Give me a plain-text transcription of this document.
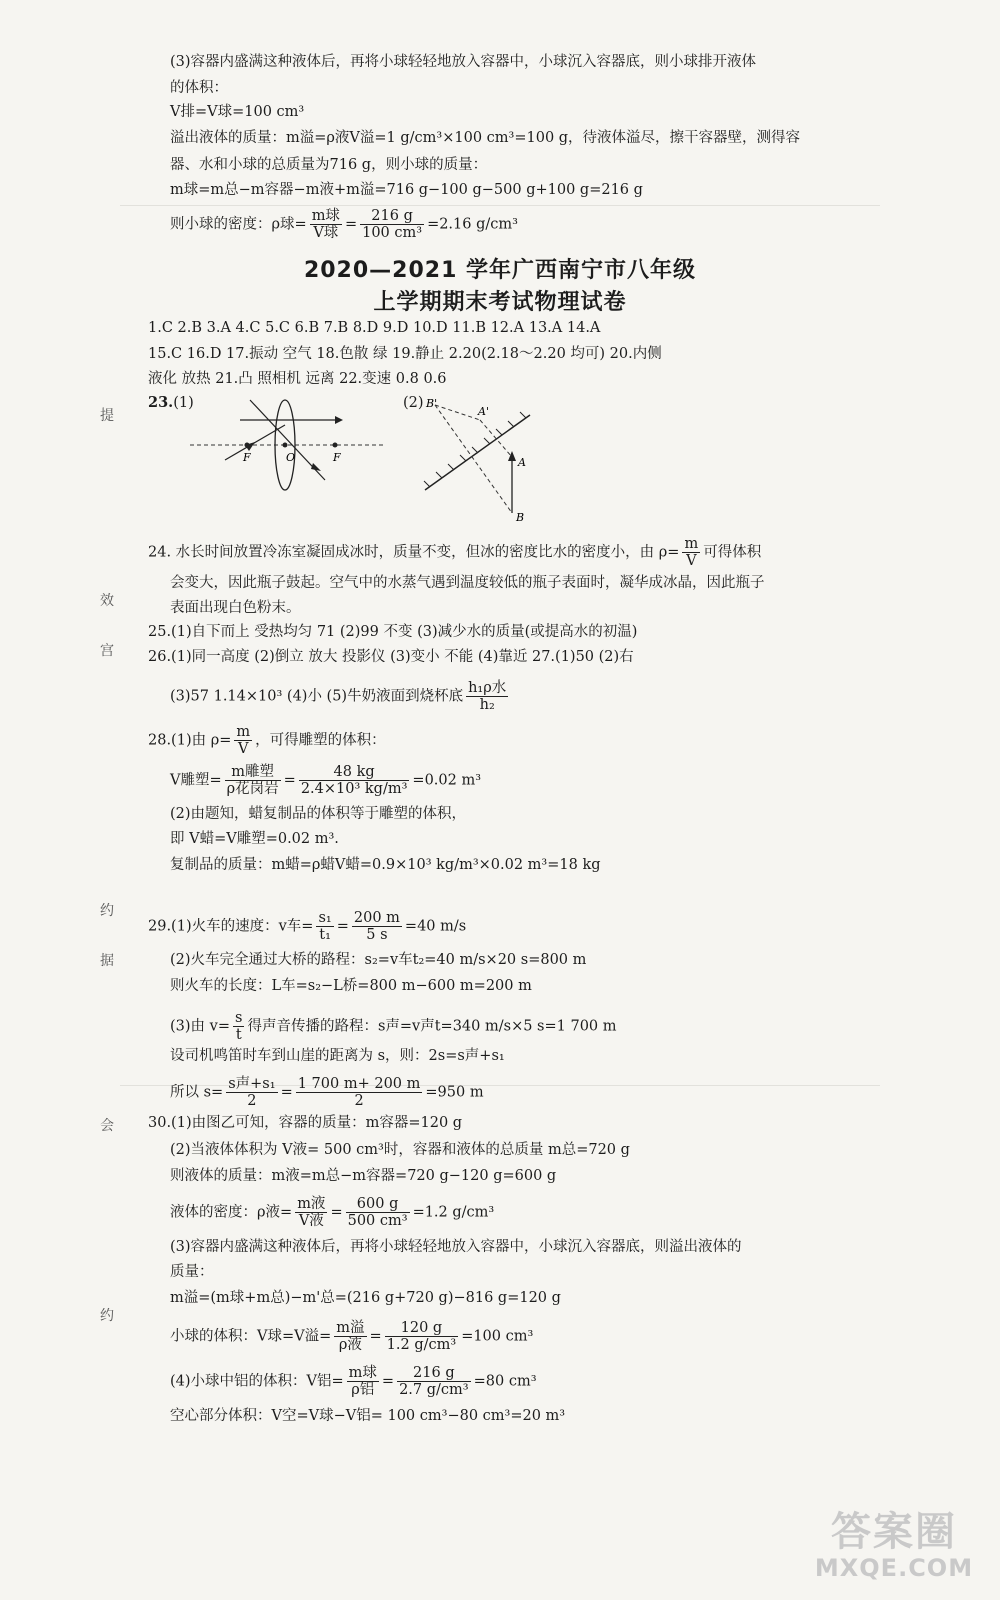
提
效
宫
约
据
会
约
(3)容器内盛满这种液体后，再将小球轻轻地放入容器中，小球沉入容器底，则小球排开液体
的体积：
V排=V球=100 cm³
溢出液体的质量：m溢=ρ液V溢=1 g/cm³×100 cm³=100 g，待液体溢尽，擦干容器壁，测得容
器、水和小球的总质量为716 g，则小球的质量：
m球=m总−m容器−m液+m溢=716 g−100 g−500 g+100 g=216 g
则小球的密度：ρ球= $\frac{\text{m球}}{\text{V球}} = \frac{216 g}{\text{100 cm³}} =2.16$ g/cm³
2020—2021 学年广西南宁市八年级
上学期期末考试物理试卷
1.C 2.B 3.A 4.C 5.C 6.B 7.B 8.D 9.D 10.D 11.B 12.A 13.A 14.A
15.C 16.D 17.振动 空气 18.色散 绿 19.静止 2.20(2.18～2.20 均可) 20.内侧
液化 放热 21.凸 照相机 远离 22.变速 0.8 0.6
23.(1)	(2)
F	O	F
B'
A'
A
B
24. 水长时间放置冷冻室凝固成冰时，质量不变，但冰的密度比水的密度小，由 $\rho= \frac{m}{V}$ 可得体积
会变大，因此瓶子鼓起。空气中的水蒸气遇到温度较低的瓶子表面时，凝华成冰晶，因此瓶子
表面出现白色粉末。
25.(1)自下而上 受热均匀 71 (2)99 不变 (3)减少水的质量(或提高水的初温)
26.(1)同一高度 (2)倒立 放大 投影仪 (3)变小 不能 (4)靠近 27.(1)50 (2)右
(3)57 1.14×10³ (4)小 (5)牛奶液面到烧杯底 $\frac{\text{h₁ρ水}}{\text{h₂}}$
28.(1)由 $\rho= \frac{m}{V}$ ，可得雕塑的体积：
V雕塑= $\frac{\text{m雕塑}}{\text{ρ花岗岩}} = \frac{48 kg}{\text{2.4×10³ kg/m³}} =0.02$ m³
(2)由题知，蜡复制品的体积等于雕塑的体积，
即 V蜡=V雕塑=0.02 m³.
复制品的质量：m蜡=ρ蜡V蜡=0.9×10³ kg/m³×0.02 m³=18 kg
29.(1)火车的速度：v车= $\frac{\text{s₁}}{\text{t₁}} = \frac{200 m}{5 s} =40$ m/s
(2)火车完全通过大桥的路程：s₂=v车t₂=40 m/s×20 s=800 m
则火车的长度：L车=s₂−L桥=800 m−600 m=200 m
(3)由 $v= \frac{s}{t}$ 得声音传播的路程：s声=v声t=340 m/s×5 s=1 700 m
设司机鸣笛时车到山崖的距离为 s，则：2s=s声+s₁
所以 $s= \frac{\text{s声+s₁}}{2} = \frac{1 700 m+ 200 m}{2} =950$ m
30.(1)由图乙可知，容器的质量：m容器=120 g
(2)当液体体积为 V液= 500 cm³时，容器和液体的总质量 m总=720 g
则液体的质量：m液=m总−m容器=720 g−120 g=600 g
液体的密度：ρ液= $\frac{\text{m液}}{\text{V液}} = \frac{600 g}{\text{500 cm³}} =1.2$ g/cm³
(3)容器内盛满这种液体后，再将小球轻轻地放入容器中，小球沉入容器底，则溢出液体的
质量：
m溢=(m球+m总)−m'总=(216 g+720 g)−816 g=120 g
小球的体积：V球=V溢= $\frac{\text{m溢}}{\text{ρ液}} = \frac{120 g}{\text{1.2 g/cm³}} =100$ cm³
(4)小球中铝的体积：V铝= $\frac{\text{m球}}{\text{ρ铝}} = \frac{216 g}{\text{2.7 g/cm³}} =80$ cm³
空心部分体积：V空=V球−V铝= 100 cm³−80 cm³=20 m³
答案圈
MXQE.COM
